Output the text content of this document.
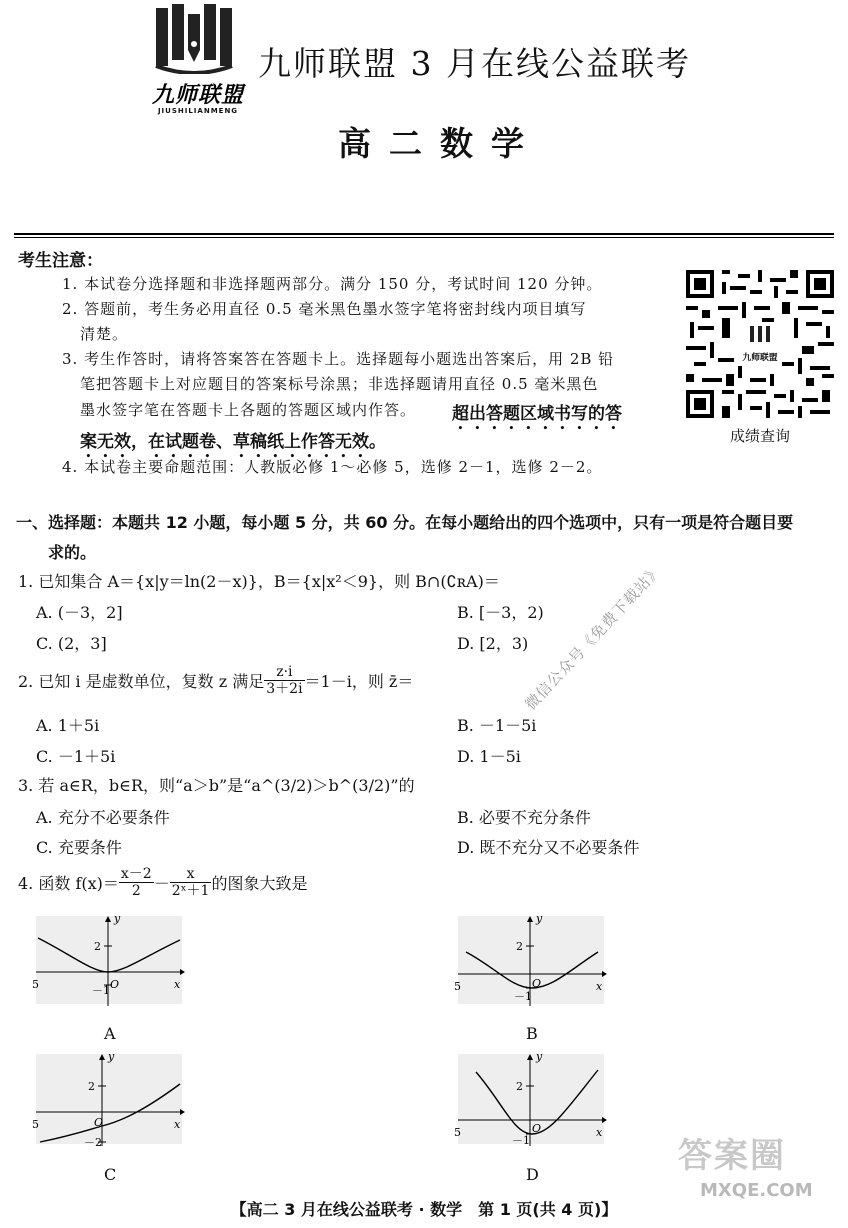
九师联盟
JIUSHILIANMENG
九师联盟 3 月在线公益联考
高二数学
考生注意：
1. 本试卷分选择题和非选择题两部分。满分 150 分，考试时间 120 分钟。
2. 答题前，考生务必用直径 0.5 毫米黑色墨水签字笔将密封线内项目填写
清楚。
3. 考生作答时，请将答案答在答题卡上。选择题每小题选出答案后，用 2B 铅
笔把答题卡上对应题目的答案标号涂黑；非选择题请用直径 0.5 毫米黑色
墨水签字笔在答题卡上各题的答题区域内作答。 超出答题区域书写的答
案无效，在试题卷、草稿纸上作答无效。
4. 本试卷主要命题范围：人教版必修 1～必修 5，选修 2－1，选修 2－2。
九师联盟
成绩查询
一、选择题：本题共 12 小题，每小题 5 分，共 60 分。在每小题给出的四个选项中，只有一项是符合题目要
求的。
1. 已知集合 A＝{x|y＝ln(2－x)}，B＝{x|x²＜9}，则 B∩(∁ʀA)＝
A. (－3，2]	B. [－3，2)
C. (2，3]	D. [2，3)
2. 已知 i 是虚数单位，复数 z 满足 $\frac{z\cdot i}{3+2i} =1-i$，则 z̄＝
A. 1＋5i	B. －1－5i
C. －1＋5i	D. 1－5i
3. 若 a∈R，b∈R，则“a＞b”是“a^(3/2)＞b^(3/2)”的
A. 充分不必要条件	B. 必要不充分条件
C. 充要条件	D. 既不充分又不必要条件
4. 函数 $f(x)= \frac{x-2}{2} - \frac{x}{\text{2ˣ＋1}}$ 的图象大致是
y
2
－1 O
5	x
A
y
2
－1
O
5	x
B
y
2
－2
O
5	x
C
y
2
－1
O
5	x
D
微信公众号《免费下载站》
答案圈
MXQE.COM
【高二 3 月在线公益联考 · 数学　第 1 页(共 4 页)】
